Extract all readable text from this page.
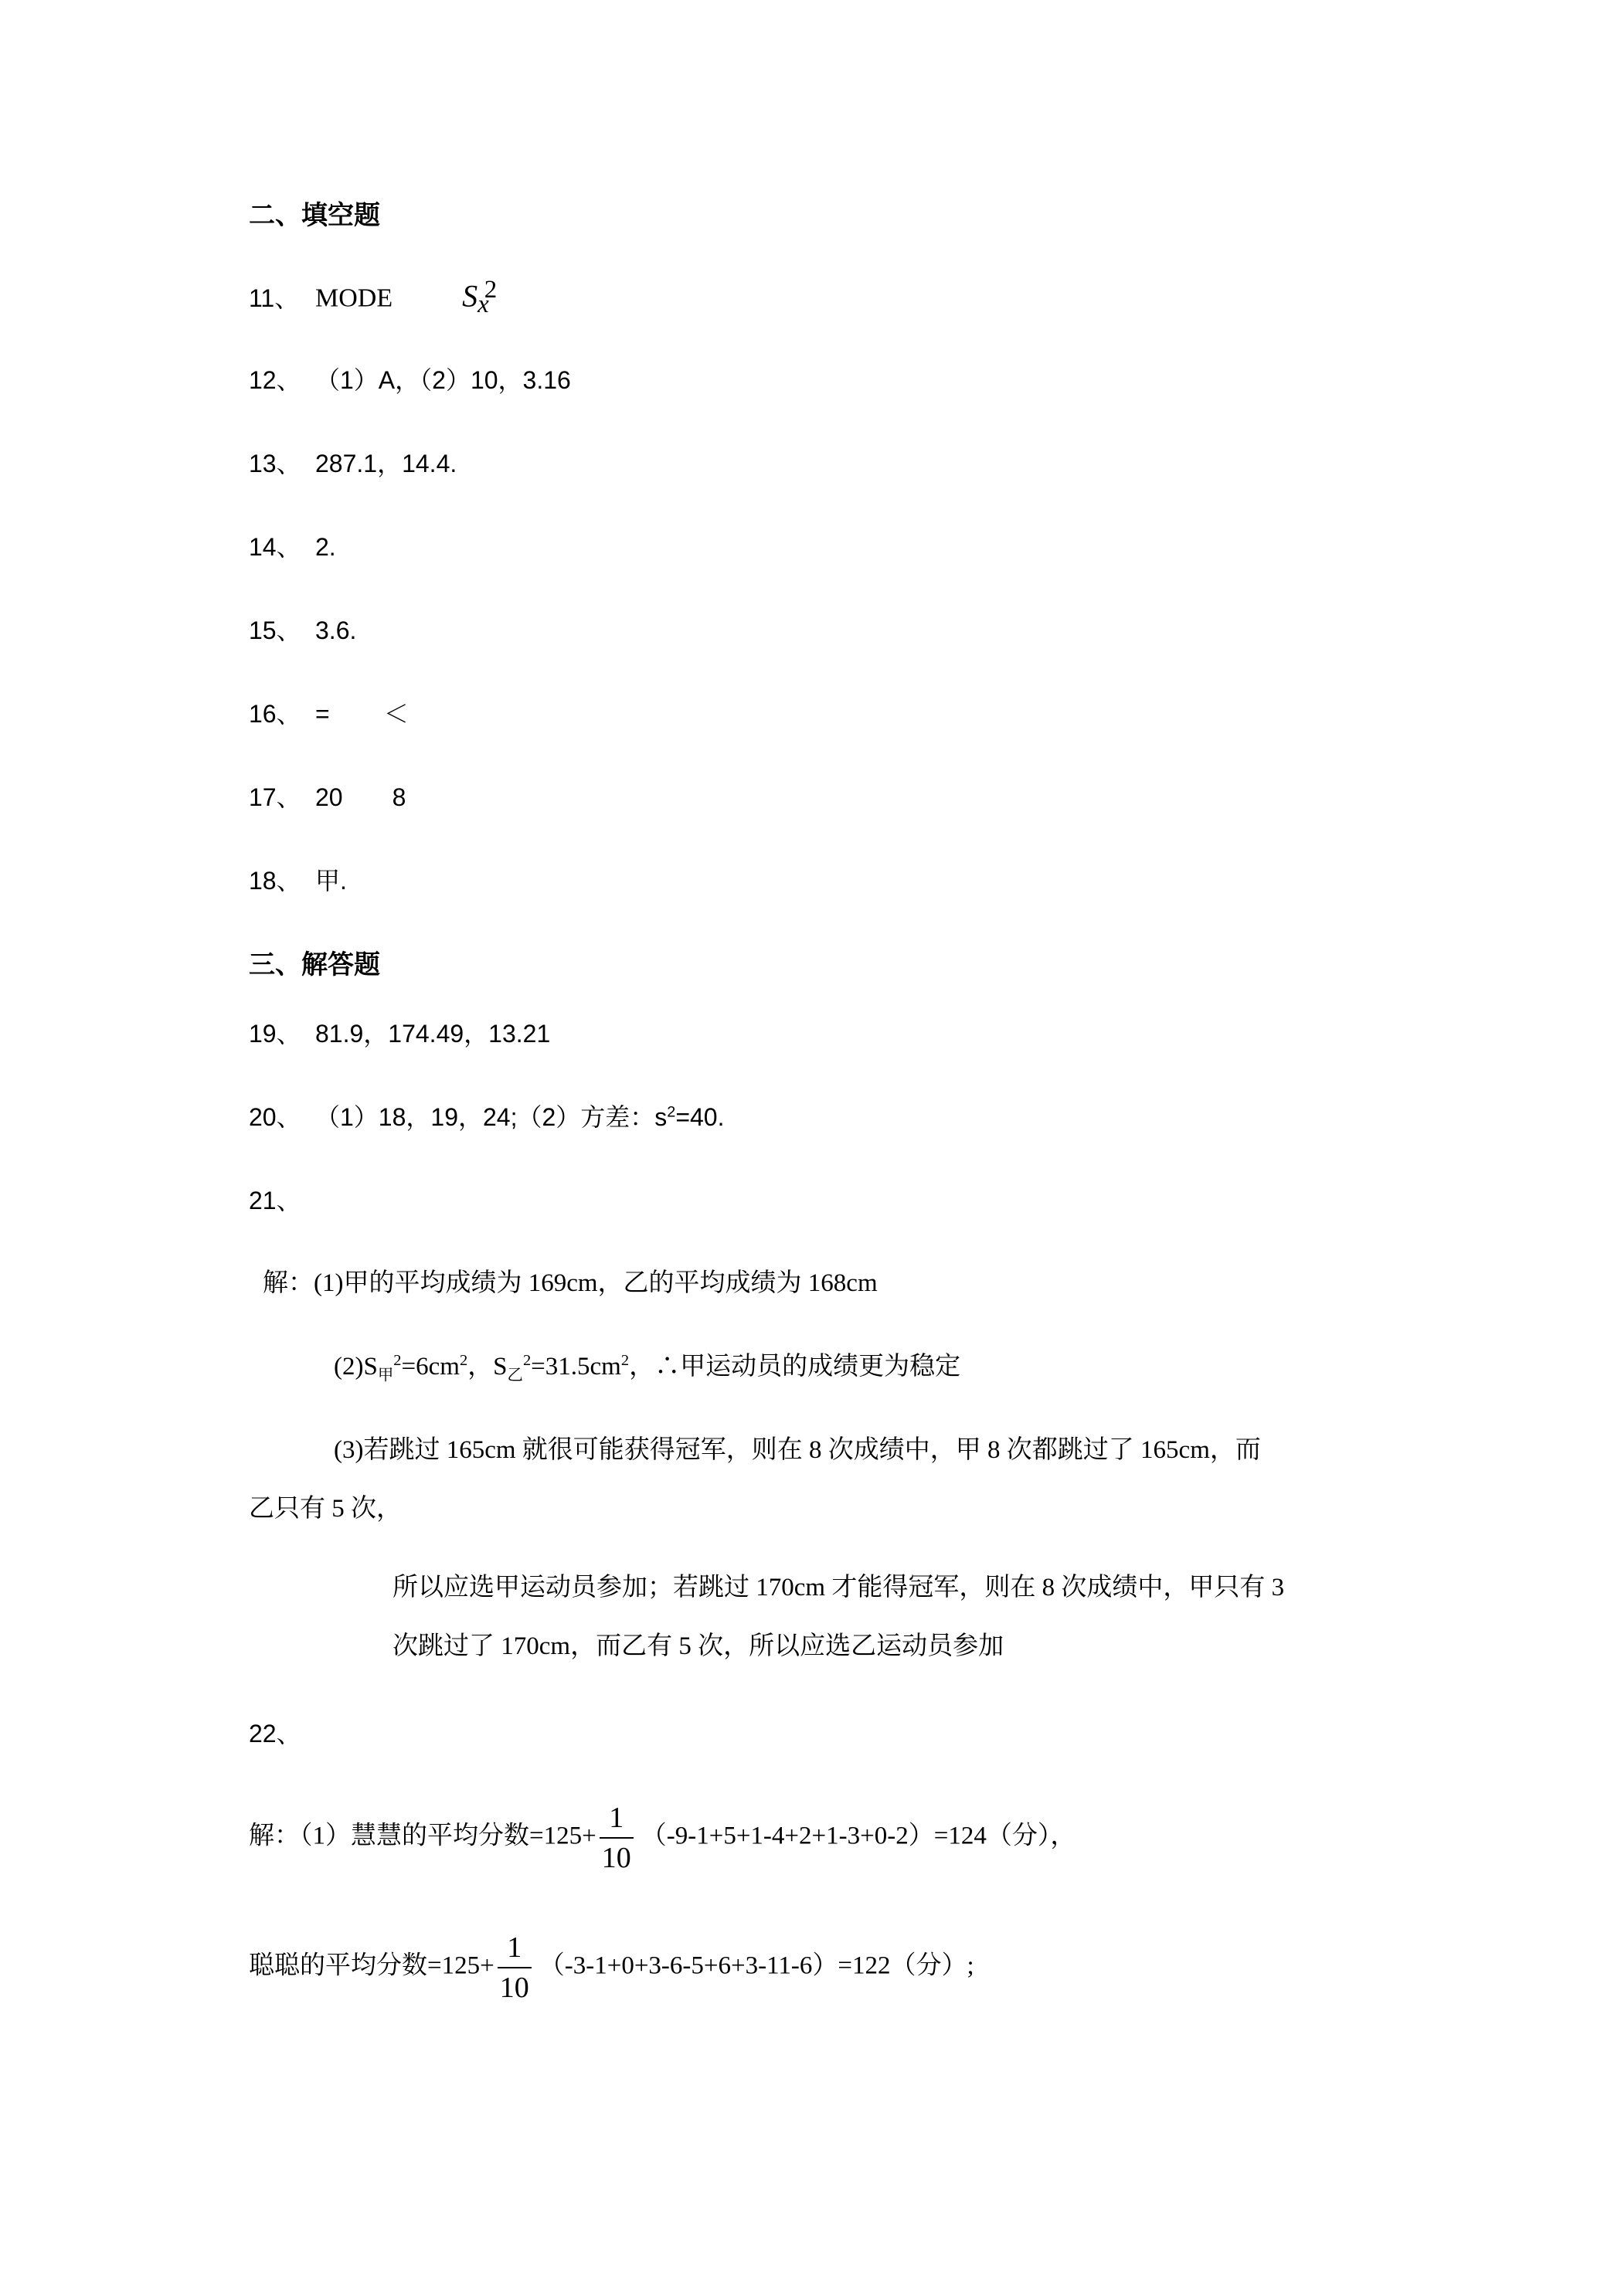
二、填空题
11、 MODE $S_x^2$
12、 （1）A，（2）10，3.16
13、 287.1，14.4.
14、 2.
15、 3.6.
16、 = ＜
17、 20 8
18、 甲.
三、解答题
19、 81.9，174.49，13.21
20、 （1）18，19，24;（2）方差：$s^2=40$.
21、
解：(1)甲的平均成绩为 169cm，乙的平均成绩为 168cm
$(2)S_甲^2=6cm^2$，$S_乙^2=31.5cm^2$，∴甲运动员的成绩更为稳定
(3)若跳过 165cm 就很可能获得冠军，则在 8 次成绩中，甲 8 次都跳过了 165cm，而
乙只有 5 次，
所以应选甲运动员参加；若跳过 170cm 才能得冠军，则在 8 次成绩中，甲只有 3
次跳过了 170cm，而乙有 5 次，所以应选乙运动员参加
22、
解：（1）慧慧的平均分数$=125+ \frac{1}{10} (-9-1+5+1-4+2+1-3+0-2)=124$（分），
聪聪的平均分数$=125+ \frac{1}{10} (-3-1+0+3-6-5+6+3-11-6)=122$（分）;
